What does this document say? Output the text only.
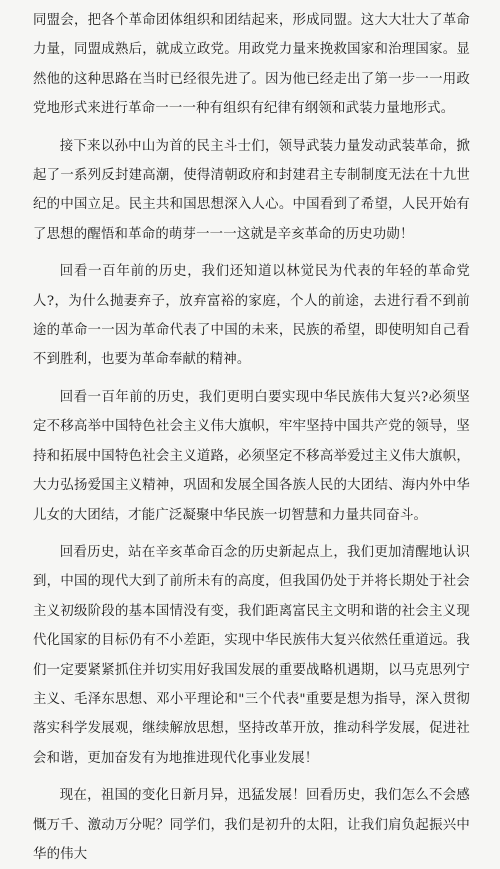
同盟会，把各个革命团体组织和团结起来，形成同盟。这大大壮大了革命力量，同盟成熟后，就成立政党。用政党力量来挽救国家和治理国家。显然他的这种思路在当时已经很先进了。因为他已经走出了第一步一一用政党地形式来进行革命一一一种有组织有纪律有纲领和武装力量地形式。

接下来以孙中山为首的民主斗士们，领导武装力量发动武装革命，掀起了一系列反封建高潮，使得清朝政府和封建君主专制制度无法在十九世纪的中国立足。民主共和国思想深入人心。中国看到了希望，人民开始有了思想的醒悟和革命的萌芽一一一这就是辛亥革命的历史功勋！

回看一百年前的历史，我们还知道以林觉民为代表的年轻的革命党人?，为什么抛妻弃子，放弃富裕的家庭，个人的前途，去进行看不到前途的革命一一因为革命代表了中国的未来，民族的希望，即使明知自己看不到胜利，也要为革命奉献的精神。

回看一百年前的历史，我们更明白要实现中华民族伟大复兴?必须坚定不移高举中国特色社会主义伟大旗帜，牢牢坚持中国共产党的领导，坚持和拓展中国特色社会主义道路，必须坚定不移高举爱过主义伟大旗帜，大力弘扬爱国主义精神，巩固和发展全国各族人民的大团结、海内外中华儿女的大团结，才能广泛凝聚中华民族一切智慧和力量共同奋斗。

回看历史，站在辛亥革命百念的历史新起点上，我们更加清醒地认识到，中国的现代大到了前所未有的高度，但我国仍处于并将长期处于社会主义初级阶段的基本国情没有变，我们距离富民主文明和谐的社会主义现代化国家的目标仍有不小差距，实现中华民族伟大复兴依然任重道远。我们一定要紧紧抓住并切实用好我国发展的重要战略机遇期，以马克思列宁主义、毛泽东思想、邓小平理论和"三个代表"重要是想为指导，深入贯彻落实科学发展观，继续解放思想，坚持改革开放，推动科学发展，促进社会和谐，更加奋发有为地推进现代化事业发展！

现在，祖国的变化日新月异，迅猛发展！回看历史，我们怎么不会感慨万千、激动万分呢？同学们，我们是初升的太阳，让我们肩负起振兴中华的伟大
